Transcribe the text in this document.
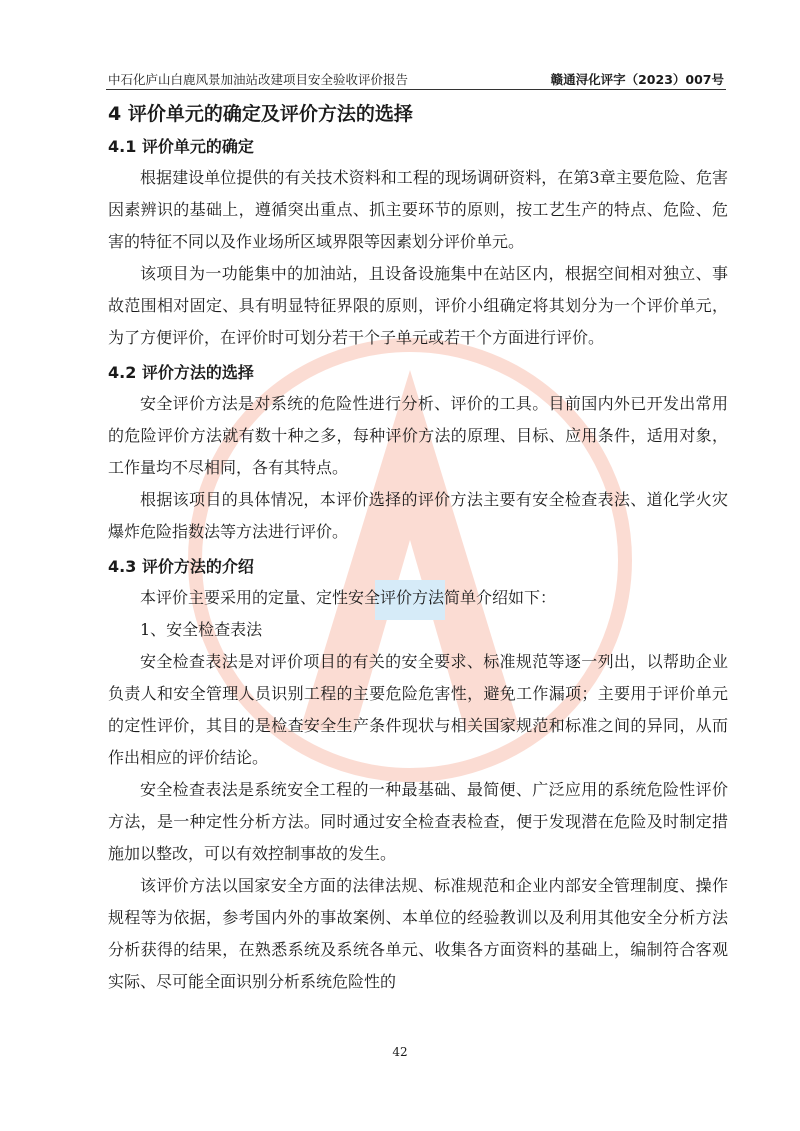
中石化庐山白鹿风景加油站改建项目安全验收评价报告	赣通浔化评字（2023）007号
4 评价单元的确定及评价方法的选择
4.1 评价单元的确定

根据建设单位提供的有关技术资料和工程的现场调研资料，在第3章主要危险、危害因素辨识的基础上，遵循突出重点、抓主要环节的原则，按工艺生产的特点、危险、危害的特征不同以及作业场所区域界限等因素划分评价单元。

该项目为一功能集中的加油站，且设备设施集中在站区内，根据空间相对独立、事故范围相对固定、具有明显特征界限的原则，评价小组确定将其划分为一个评价单元，为了方便评价，在评价时可划分若干个子单元或若干个方面进行评价。

4.2 评价方法的选择

安全评价方法是对系统的危险性进行分析、评价的工具。目前国内外已开发出常用的危险评价方法就有数十种之多，每种评价方法的原理、目标、应用条件，适用对象，工作量均不尽相同，各有其特点。

根据该项目的具体情况，本评价选择的评价方法主要有安全检查表法、道化学火灾爆炸危险指数法等方法进行评价。

4.3 评价方法的介绍

本评价主要采用的定量、定性安全评价方法简单介绍如下：

1、安全检查表法

安全检查表法是对评价项目的有关的安全要求、标准规范等逐一列出，以帮助企业负责人和安全管理人员识别工程的主要危险危害性，避免工作漏项；主要用于评价单元的定性评价，其目的是检查安全生产条件现状与相关国家规范和标准之间的异同，从而作出相应的评价结论。

安全检查表法是系统安全工程的一种最基础、最简便、广泛应用的系统危险性评价方法，是一种定性分析方法。同时通过安全检查表检查，便于发现潜在危险及时制定措施加以整改，可以有效控制事故的发生。

该评价方法以国家安全方面的法律法规、标准规范和企业内部安全管理制度、操作规程等为依据，参考国内外的事故案例、本单位的经验教训以及利用其他安全分析方法分析获得的结果，在熟悉系统及系统各单元、收集各方面资料的基础上，编制符合客观实际、尽可能全面识别分析系统危险性的

42
